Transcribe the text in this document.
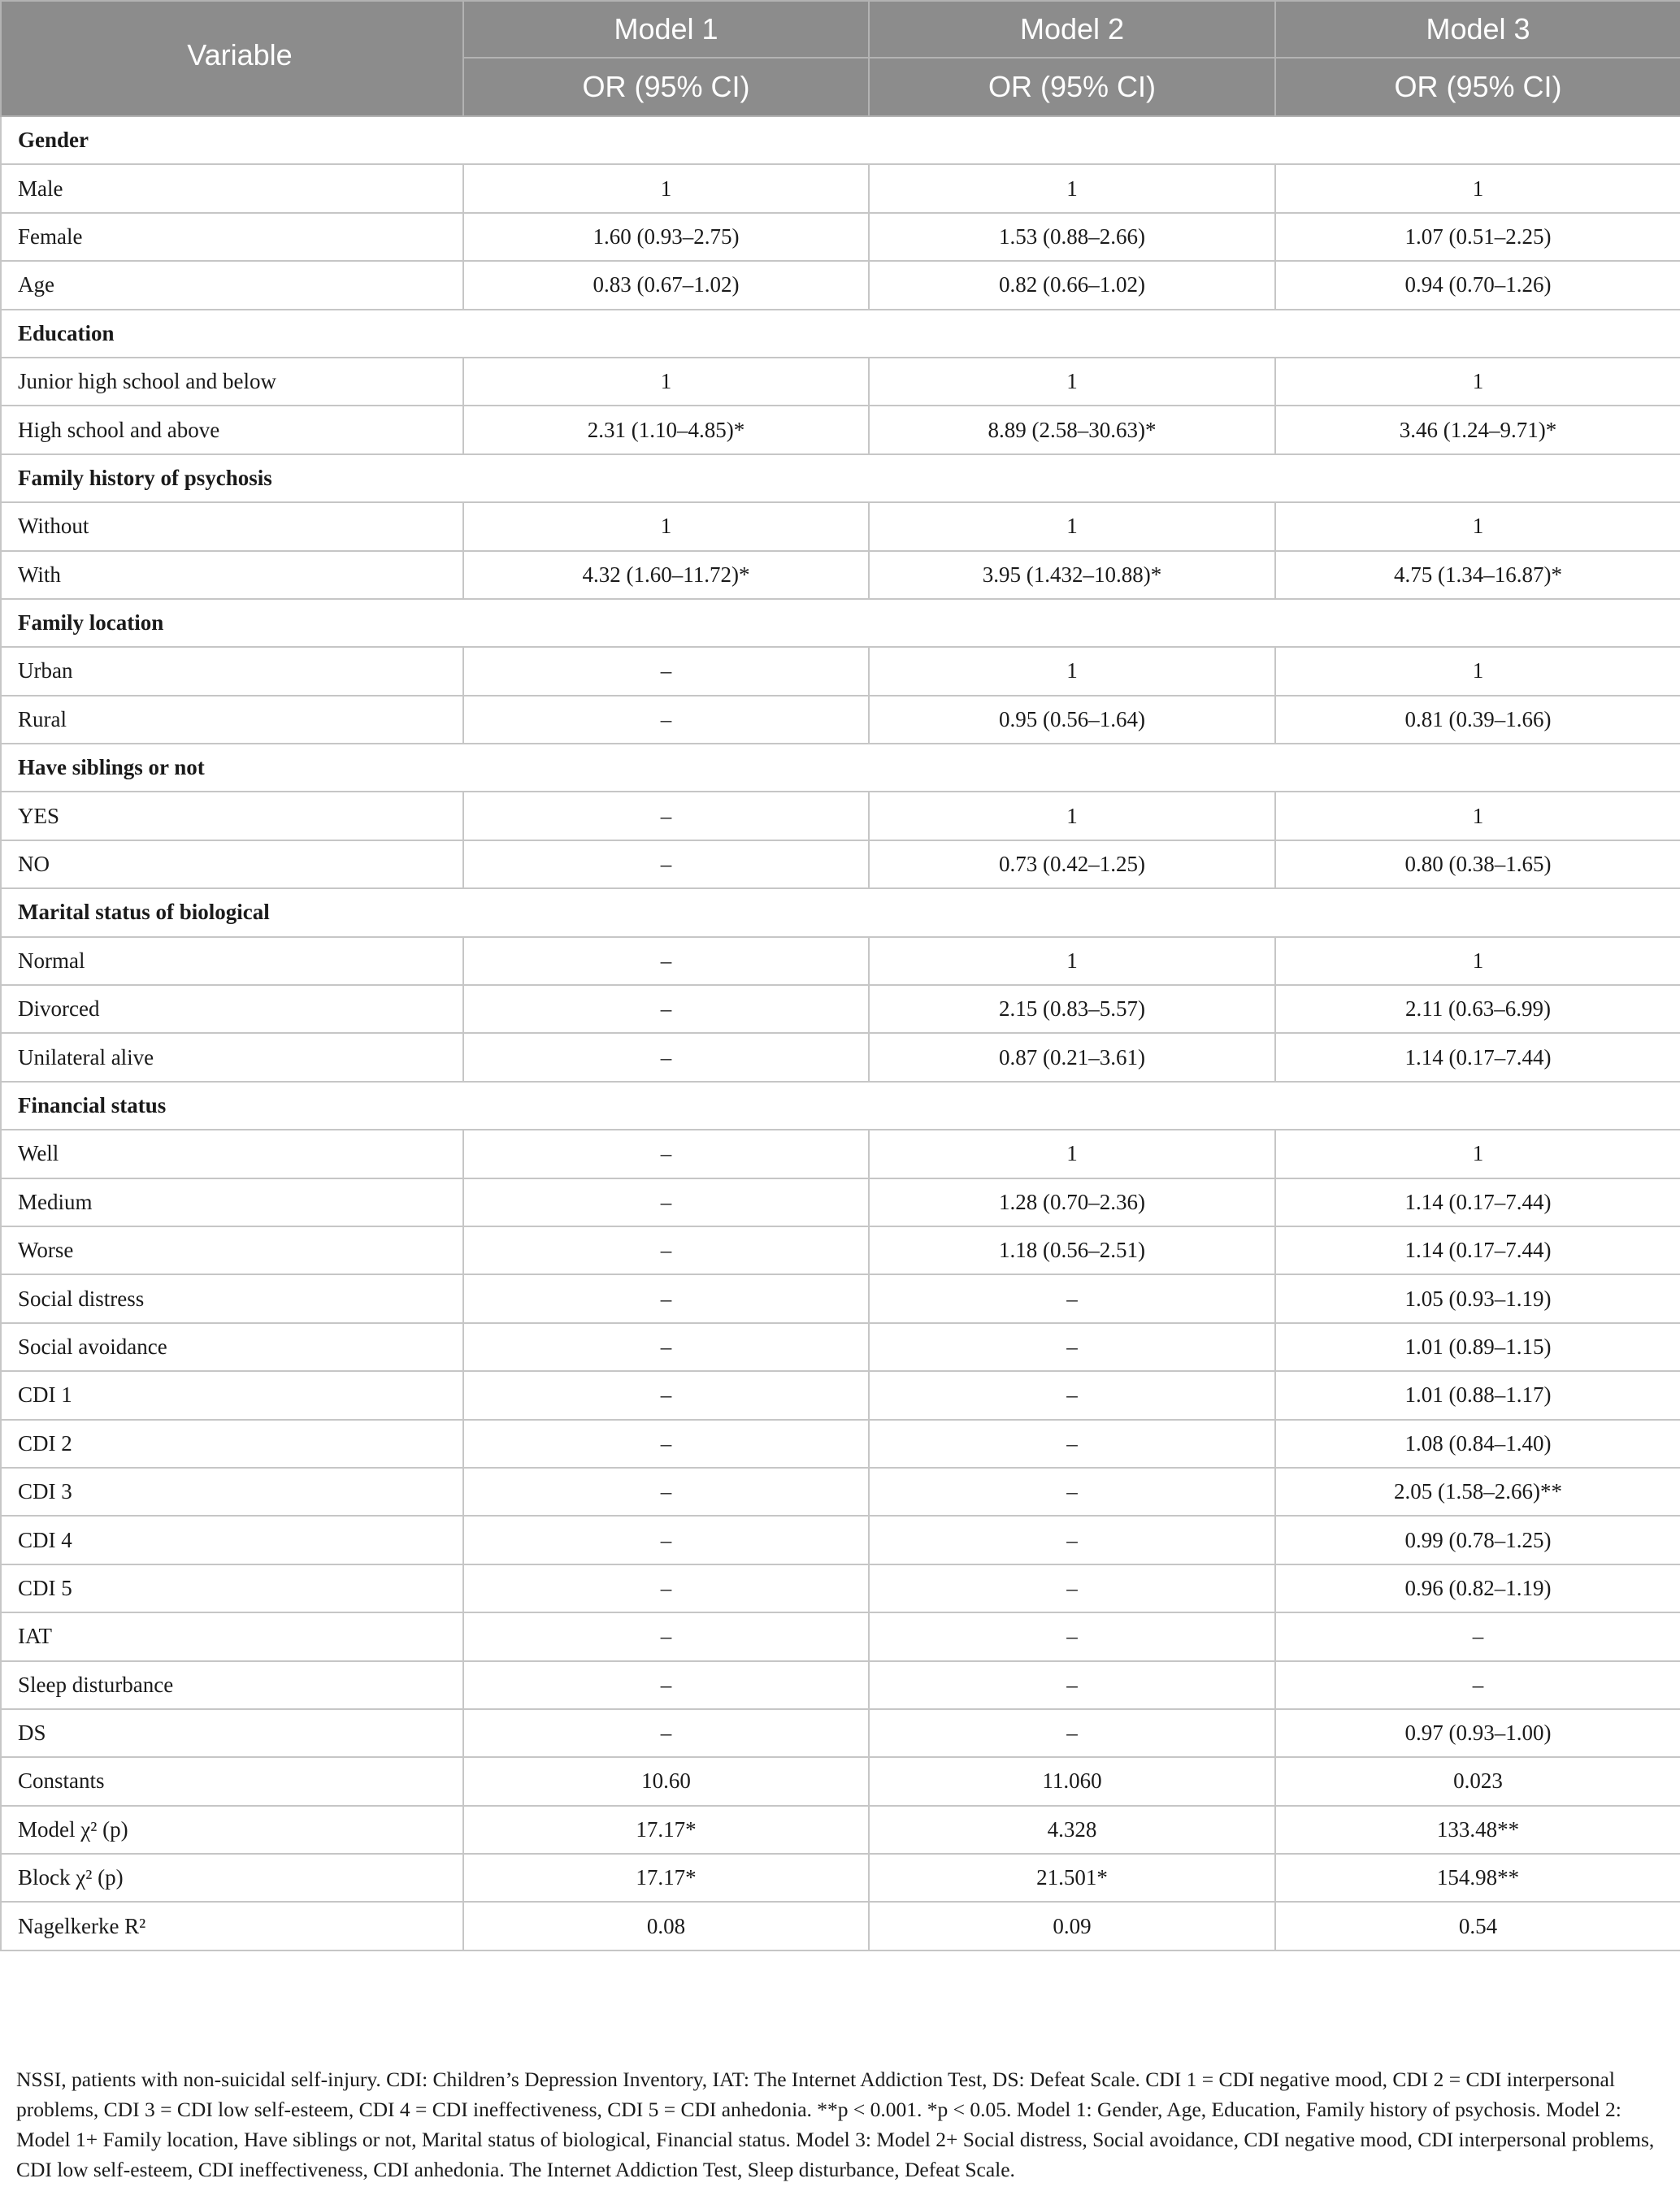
Variable	Model 1	Model 2	Model 3
	OR (95% CI)	OR (95% CI)	OR (95% CI)
Gender			
Male	1	1	1
Female	1.60 (0.93–2.75)	1.53 (0.88–2.66)	1.07 (0.51–2.25)
Age	0.83 (0.67–1.02)	0.82 (0.66–1.02)	0.94 (0.70–1.26)
Education			
Junior high school and below	1	1	1
High school and above	2.31 (1.10–4.85)*	8.89 (2.58–30.63)*	3.46 (1.24–9.71)*
Family history of psychosis			
Without	1	1	1
With	4.32 (1.60–11.72)*	3.95 (1.432–10.88)*	4.75 (1.34–16.87)*
Family location			
Urban	–	1	1
Rural	–	0.95 (0.56–1.64)	0.81 (0.39–1.66)
Have siblings or not			
YES	–	1	1
NO	–	0.73 (0.42–1.25)	0.80 (0.38–1.65)
Marital status of biological			
Normal	–	1	1
Divorced	–	2.15 (0.83–5.57)	2.11 (0.63–6.99)
Unilateral alive	–	0.87 (0.21–3.61)	1.14 (0.17–7.44)
Financial status			
Well	–	1	1
Medium	–	1.28 (0.70–2.36)	1.14 (0.17–7.44)
Worse	–	1.18 (0.56–2.51)	1.14 (0.17–7.44)
Social distress	–	–	1.05 (0.93–1.19)
Social avoidance	–	–	1.01 (0.89–1.15)
CDI 1	–	–	1.01 (0.88–1.17)
CDI 2	–	–	1.08 (0.84–1.40)
CDI 3	–	–	2.05 (1.58–2.66)**
CDI 4	–	–	0.99 (0.78–1.25)
CDI 5	–	–	0.96 (0.82–1.19)
IAT	–	–	–
Sleep disturbance	–	–	–
DS	–	–	0.97 (0.93–1.00)
Constants	10.60	11.060	0.023
Model χ² (p)	17.17*	4.328	133.48**
Block χ² (p)	17.17*	21.501*	154.98**
Nagelkerke R²	0.08	0.09	0.54
NSSI, patients with non-suicidal self-injury. CDI: Children’s Depression Inventory, IAT: The Internet Addiction Test, DS: Defeat Scale. CDI 1 = CDI negative mood, CDI 2 = CDI interpersonal problems, CDI 3 = CDI low self-esteem, CDI 4 = CDI ineffectiveness, CDI 5 = CDI anhedonia. **p < 0.001. *p < 0.05. Model 1: Gender, Age, Education, Family history of psychosis. Model 2: Model 1+ Family location, Have siblings or not, Marital status of biological, Financial status. Model 3: Model 2+ Social distress, Social avoidance, CDI negative mood, CDI interpersonal problems, CDI low self-esteem, CDI ineffectiveness, CDI anhedonia. The Internet Addiction Test, Sleep disturbance, Defeat Scale.
